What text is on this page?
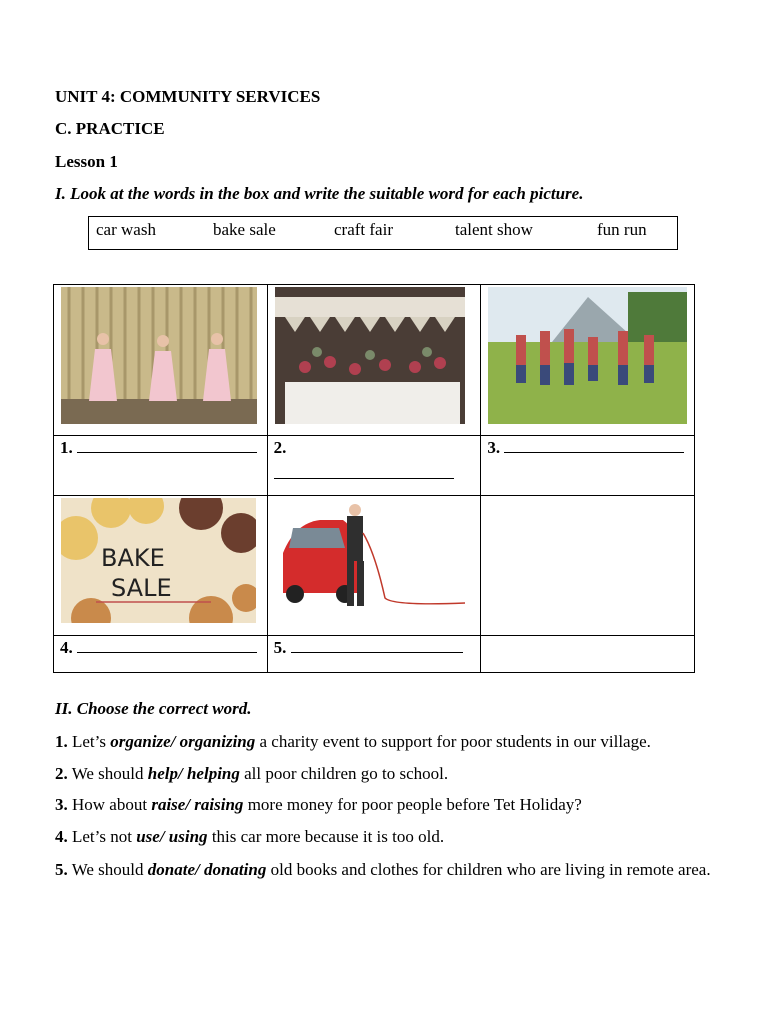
UNIT 4: COMMUNITY SERVICES
C. PRACTICE
Lesson 1
I. Look at the words in the box and write the suitable word for each picture.
car wash	bake sale	craft fair	talent show	fun run

1.	2.	3.

BAKE
SALE

4.	5.	
II. Choose the correct word.
1. Let’s organize/ organizing a charity event to support for poor students in our village.
2. We should help/ helping all poor children go to school.
3. How about raise/ raising more money for poor people before Tet Holiday?
4. Let’s not use/ using this car more because it is too old.
5. We should donate/ donating old books and clothes for children who are living in remote area.
